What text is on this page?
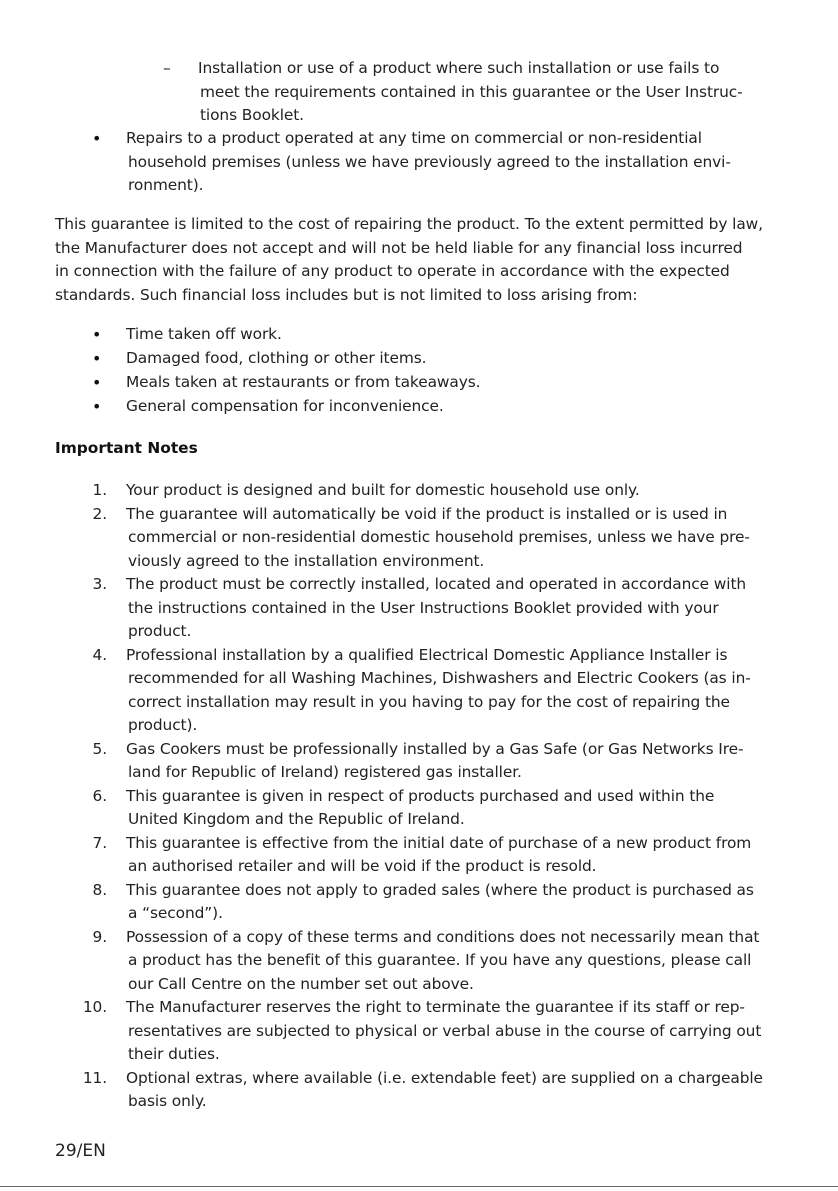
– Installation or use of a product where such installation or use fails to
meet the requirements contained in this guarantee or the User Instruc-
tions Booklet.
• Repairs to a product operated at any time on commercial or non-residential
household premises (unless we have previously agreed to the installation envi-
ronment).
This guarantee is limited to the cost of repairing the product. To the extent permitted by law,
the Manufacturer does not accept and will not be held liable for any financial loss incurred
in connection with the failure of any product to operate in accordance with the expected
standards. Such financial loss includes but is not limited to loss arising from:
• Time taken off work.
• Damaged food, clothing or other items.
• Meals taken at restaurants or from takeaways.
• General compensation for inconvenience.
Important Notes
1. Your product is designed and built for domestic household use only.
2. The guarantee will automatically be void if the product is installed or is used in
commercial or non-residential domestic household premises, unless we have pre-
viously agreed to the installation environment.
3. The product must be correctly installed, located and operated in accordance with
the instructions contained in the User Instructions Booklet provided with your
product.
4. Professional installation by a qualified Electrical Domestic Appliance Installer is
recommended for all Washing Machines, Dishwashers and Electric Cookers (as in-
correct installation may result in you having to pay for the cost of repairing the
product).
5. Gas Cookers must be professionally installed by a Gas Safe (or Gas Networks Ire-
land for Republic of Ireland) registered gas installer.
6. This guarantee is given in respect of products purchased and used within the
United Kingdom and the Republic of Ireland.
7. This guarantee is effective from the initial date of purchase of a new product from
an authorised retailer and will be void if the product is resold.
8. This guarantee does not apply to graded sales (where the product is purchased as
a “second”).
9. Possession of a copy of these terms and conditions does not necessarily mean that
a product has the benefit of this guarantee. If you have any questions, please call
our Call Centre on the number set out above.
10. The Manufacturer reserves the right to terminate the guarantee if its staff or rep-
resentatives are subjected to physical or verbal abuse in the course of carrying out
their duties.
11. Optional extras, where available (i.e. extendable feet) are supplied on a chargeable
basis only.
29/EN
